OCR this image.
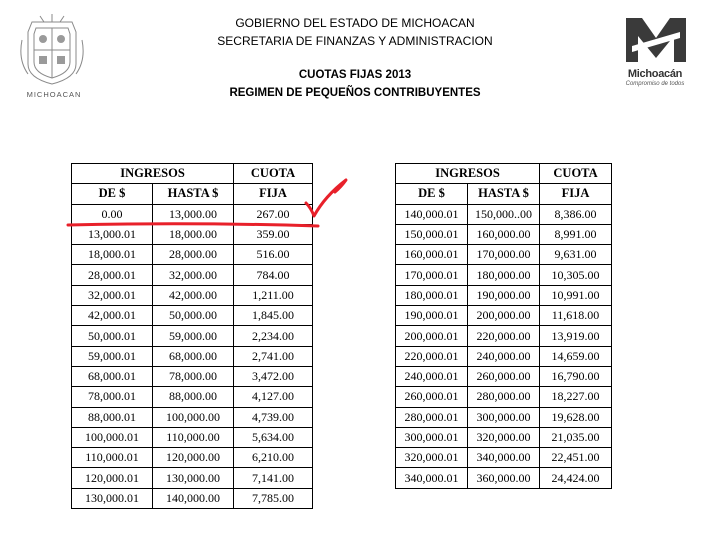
MICHOACAN
GOBIERNO DEL ESTADO DE MICHOACAN
SECRETARIA DE FINANZAS Y ADMINISTRACION
CUOTAS FIJAS 2013
REGIMEN DE PEQUEÑOS CONTRIBUYENTES
Michoacán
Compromiso de todos
INGRESOS		CUOTA
DE $	HASTA $	FIJA
0.00	13,000.00	267.00
13,000.01	18,000.00	359.00
18,000.01	28,000.00	516.00
28,000.01	32,000.00	784.00
32,000.01	42,000.00	1,211.00
42,000.01	50,000.00	1,845.00
50,000.01	59,000.00	2,234.00
59,000.01	68,000.00	2,741.00
68,000.01	78,000.00	3,472.00
78,000.01	88,000.00	4,127.00
88,000.01	100,000.00	4,739.00
100,000.01	110,000.00	5,634.00
110,000.01	120,000.00	6,210.00
120,000.01	130,000.00	7,141.00
130,000.01	140,000.00	7,785.00
INGRESOS		CUOTA
DE $	HASTA $	FIJA
140,000.01	150,000..00	8,386.00
150,000.01	160,000.00	8,991.00
160,000.01	170,000.00	9,631.00
170,000.01	180,000.00	10,305.00
180,000.01	190,000.00	10,991.00
190,000.01	200,000.00	11,618.00
200,000.01	220,000.00	13,919.00
220,000.01	240,000.00	14,659.00
240,000.01	260,000.00	16,790.00
260,000.01	280,000.00	18,227.00
280,000.01	300,000.00	19,628.00
300,000.01	320,000.00	21,035.00
320,000.01	340,000.00	22,451.00
340,000.01	360,000.00	24,424.00
